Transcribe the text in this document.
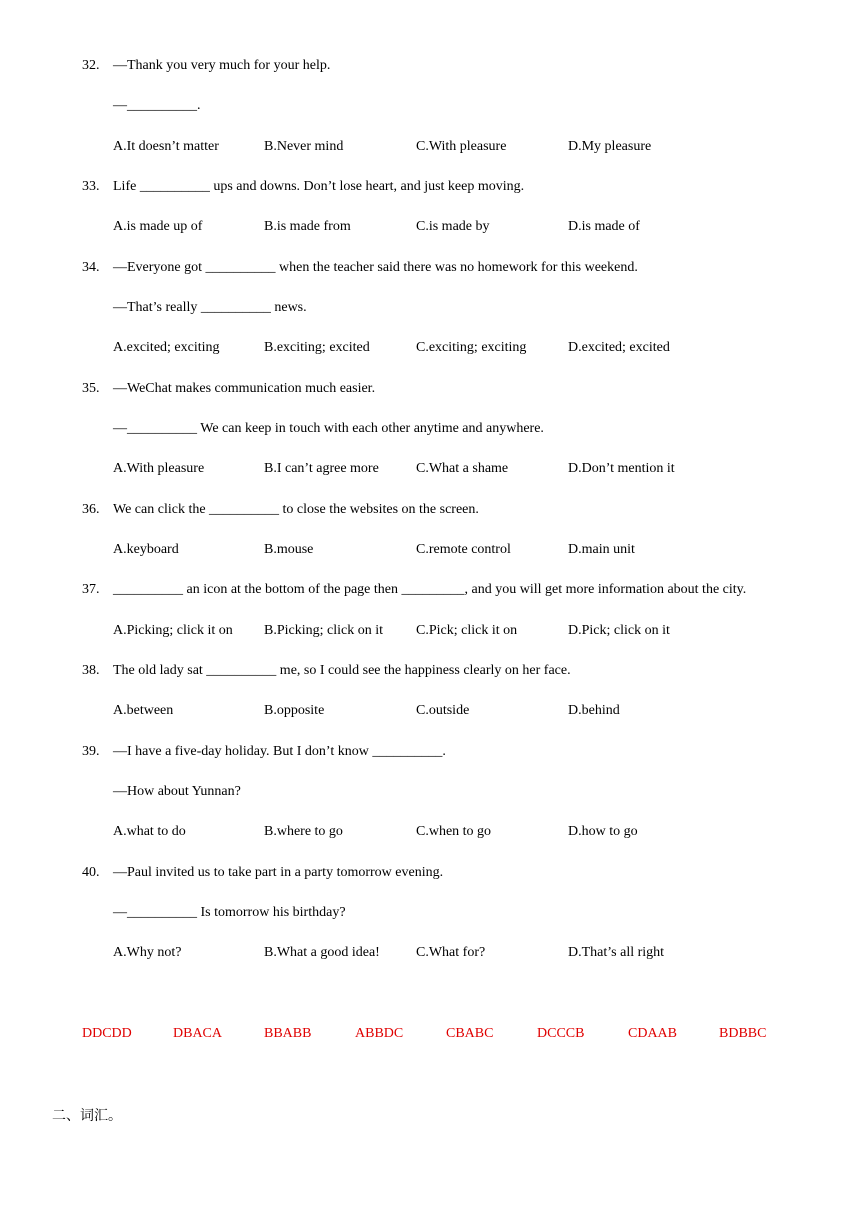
32. —Thank you very much for your help.
—__________.
A.It doesn’t matter	B.Never mind	C.With pleasure	D.My pleasure
33. Life __________ ups and downs. Don’t lose heart, and just keep moving.
A.is made up of	B.is made from	C.is made by	D.is made of
34. —Everyone got __________ when the teacher said there was no homework for this weekend.
—That’s really __________ news.
A.excited; exciting	B.exciting; excited	C.exciting; exciting	D.excited; excited
35. —WeChat makes communication much easier.
—__________ We can keep in touch with each other anytime and anywhere.
A.With pleasure	B.I can’t agree more	C.What a shame	D.Don’t mention it
36. We can click the __________ to close the websites on the screen.
A.keyboard	B.mouse	C.remote control	D.main unit
37. __________ an icon at the bottom of the page then _________, and you will get more information about the city.
A.Picking; click it on B.Picking; click on it C.Pick; click it on	D.Pick; click on it
38. The old lady sat __________ me, so I could see the happiness clearly on her face.
A.between	B.opposite	C.outside	D.behind
39. —I have a five-day holiday. But I don’t know __________.
—How about Yunnan?
A.what to do	B.where to go	C.when to go	D.how to go
40. —Paul invited us to take part in a party tomorrow evening.
—__________ Is tomorrow his birthday?
A.Why not?	B.What a good idea!	C.What for?	D.That’s all right
DDCDD	DBACA	BBABB	ABBDC	CBABC	DCCCB	CDAAB	BDBBC
二、词汇。
